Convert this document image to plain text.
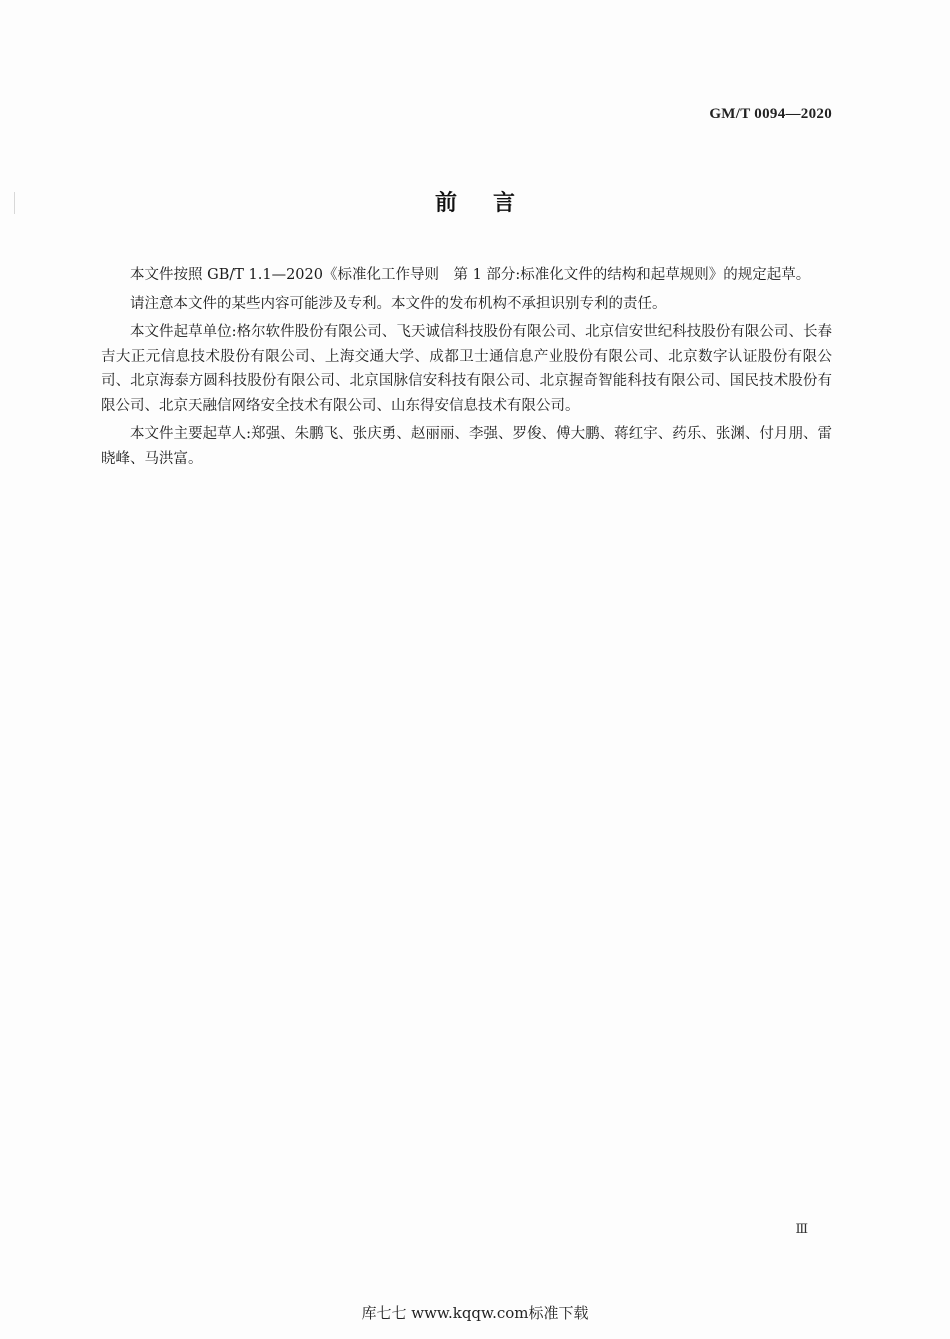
GM/T 0094—2020
前言

本文件按照 GB/T 1.1—2020《标准化工作导则　第 1 部分:标准化文件的结构和起草规则》的规定起草。

请注意本文件的某些内容可能涉及专利。本文件的发布机构不承担识别专利的责任。

本文件起草单位:格尔软件股份有限公司、飞天诚信科技股份有限公司、北京信安世纪科技股份有限公司、长春吉大正元信息技术股份有限公司、上海交通大学、成都卫士通信息产业股份有限公司、北京数字认证股份有限公司、北京海泰方圆科技股份有限公司、北京国脉信安科技有限公司、北京握奇智能科技有限公司、国民技术股份有限公司、北京天融信网络安全技术有限公司、山东得安信息技术有限公司。

本文件主要起草人:郑强、朱鹏飞、张庆勇、赵丽丽、李强、罗俊、傅大鹏、蒋红宇、药乐、张渊、付月朋、雷晓峰、马洪富。

Ⅲ
库七七 www.kqqw.com标准下载
